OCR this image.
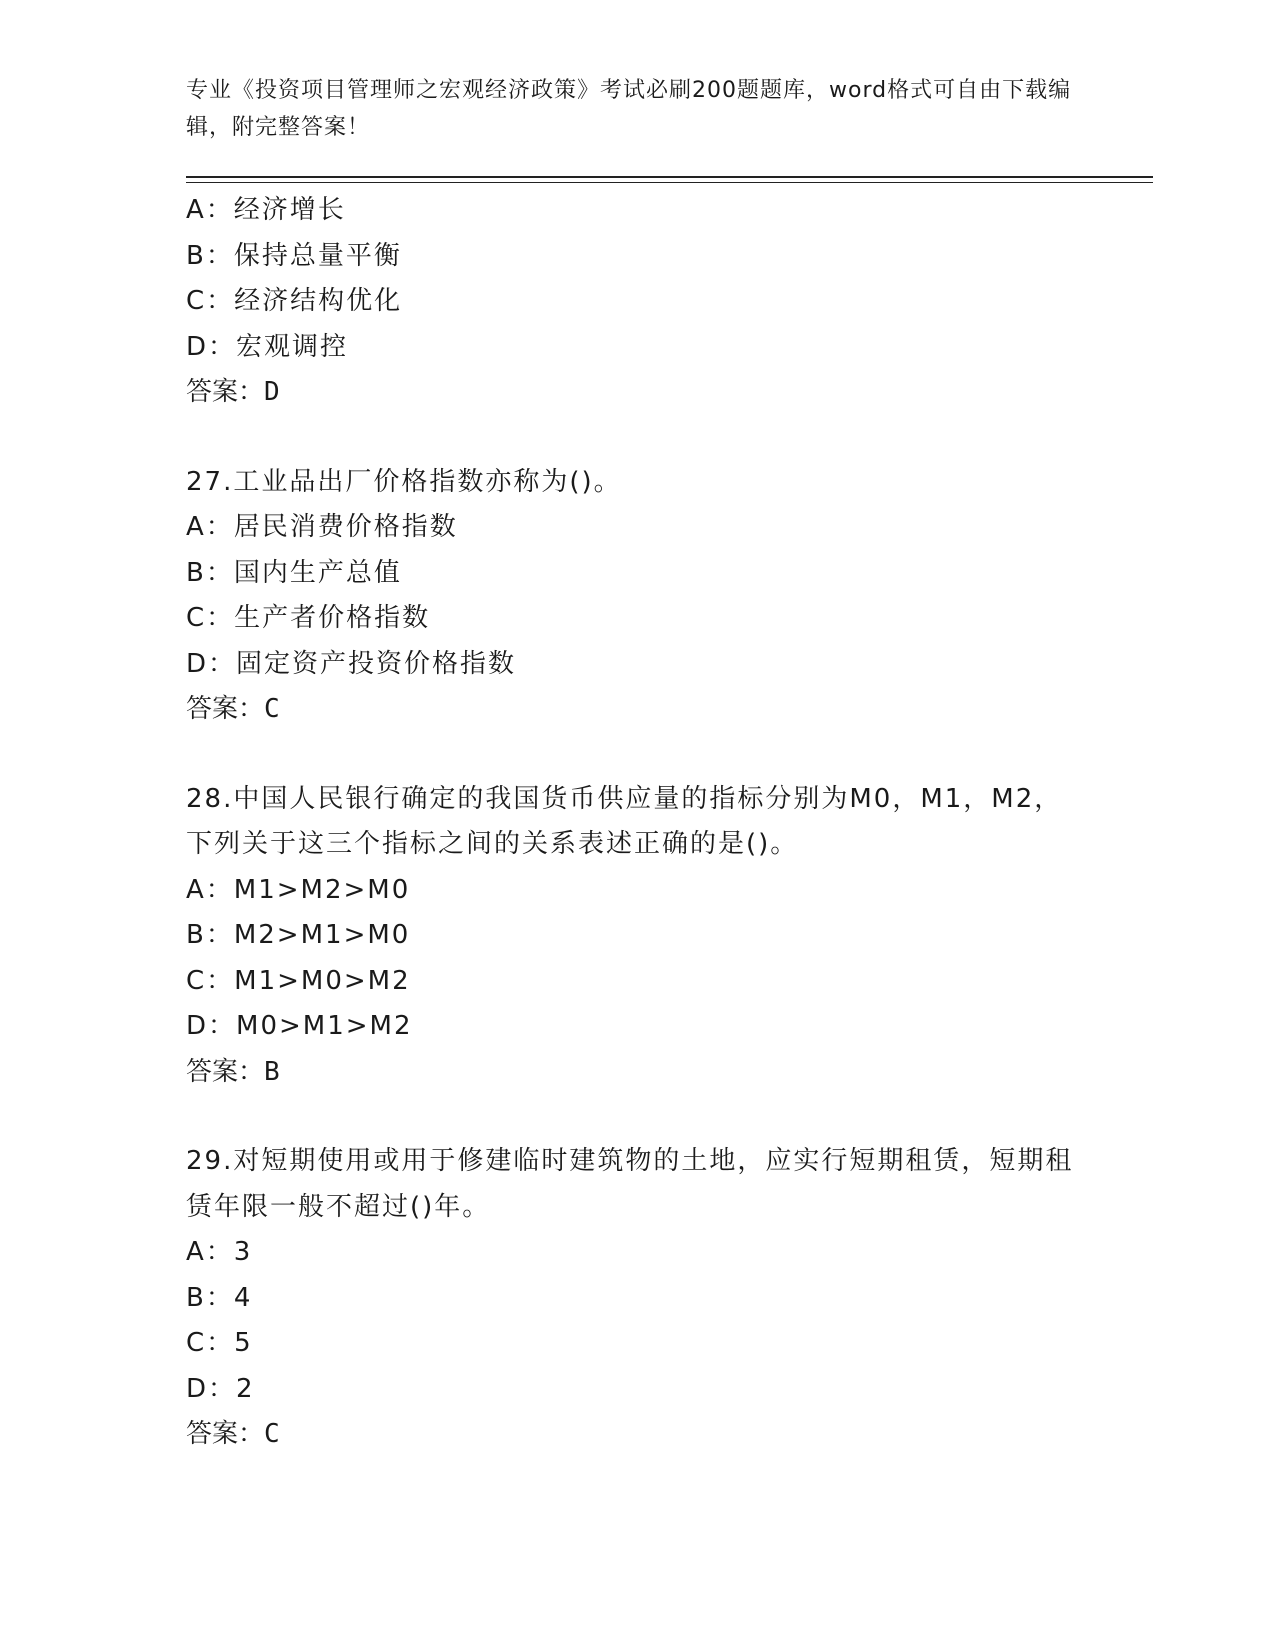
专业《投资项目管理师之宏观经济政策》考试必刷200题题库，word格式可自由下载编辑，附完整答案！
A：经济增长
B：保持总量平衡
C：经济结构优化
D：宏观调控
答案：D
27.工业品出厂价格指数亦称为()。
A：居民消费价格指数
B：国内生产总值
C：生产者价格指数
D：固定资产投资价格指数
答案：C
28.中国人民银行确定的我国货币供应量的指标分别为M0，M1，M2，下列关于这三个指标之间的关系表述正确的是()。
A：M1>M2>M0
B：M2>M1>M0
C：M1>M0>M2
D：M0>M1>M2
答案：B
29.对短期使用或用于修建临时建筑物的土地，应实行短期租赁，短期租赁年限一般不超过()年。
A：3
B：4
C：5
D：2
答案：C
